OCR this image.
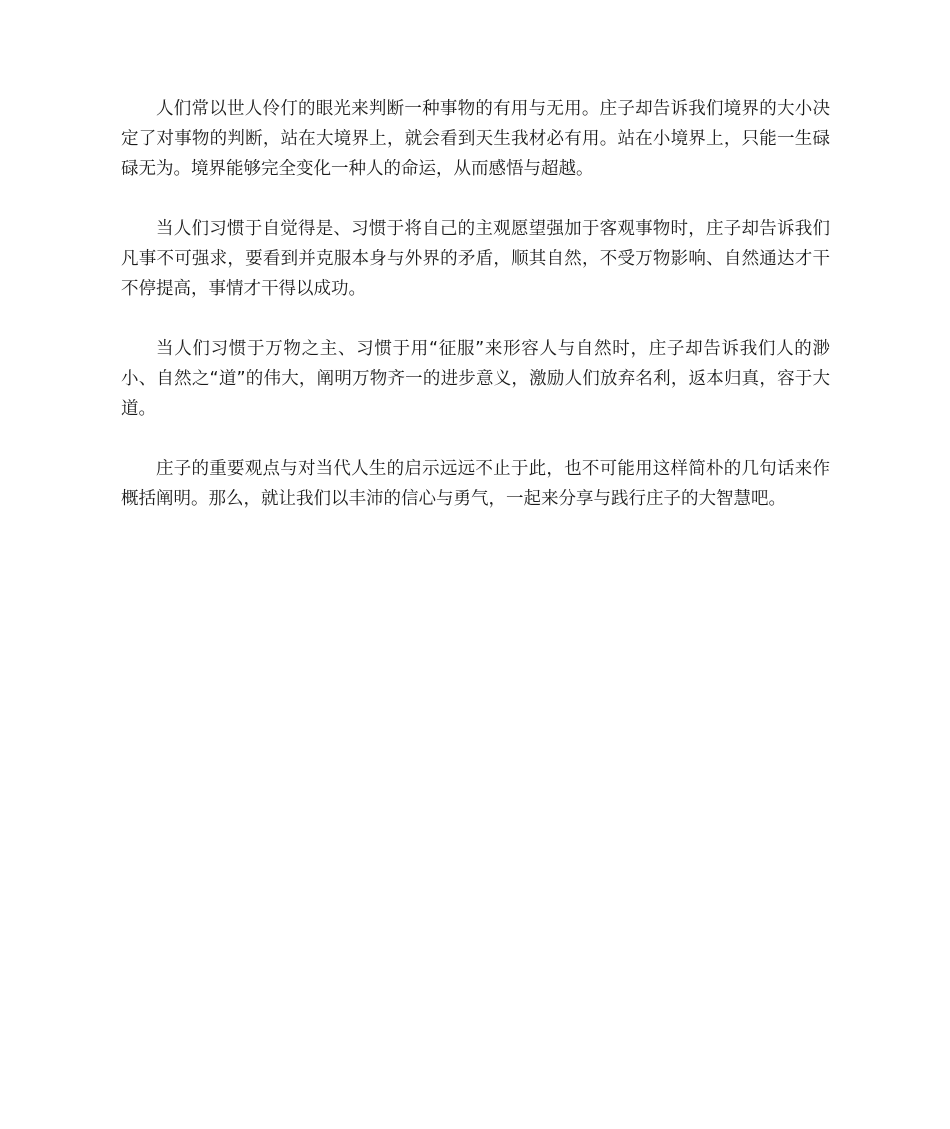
人们常以世人伶仃的眼光来判断一种事物的有用与无用。庄子却告诉我们境界的大小决定了对事物的判断，站在大境界上，就会看到天生我材必有用。站在小境界上，只能一生碌碌无为。境界能够完全变化一种人的命运，从而感悟与超越。

当人们习惯于自觉得是、习惯于将自己的主观愿望强加于客观事物时，庄子却告诉我们凡事不可强求，要看到并克服本身与外界的矛盾，顺其自然，不受万物影响、自然通达才干不停提高，事情才干得以成功。

当人们习惯于万物之主、习惯于用“征服”来形容人与自然时，庄子却告诉我们人的渺小、自然之“道”的伟大，阐明万物齐一的进步意义，激励人们放弃名利，返本归真，容于大道。

庄子的重要观点与对当代人生的启示远远不止于此，也不可能用这样简朴的几句话来作概括阐明。那么，就让我们以丰沛的信心与勇气，一起来分享与践行庄子的大智慧吧。
